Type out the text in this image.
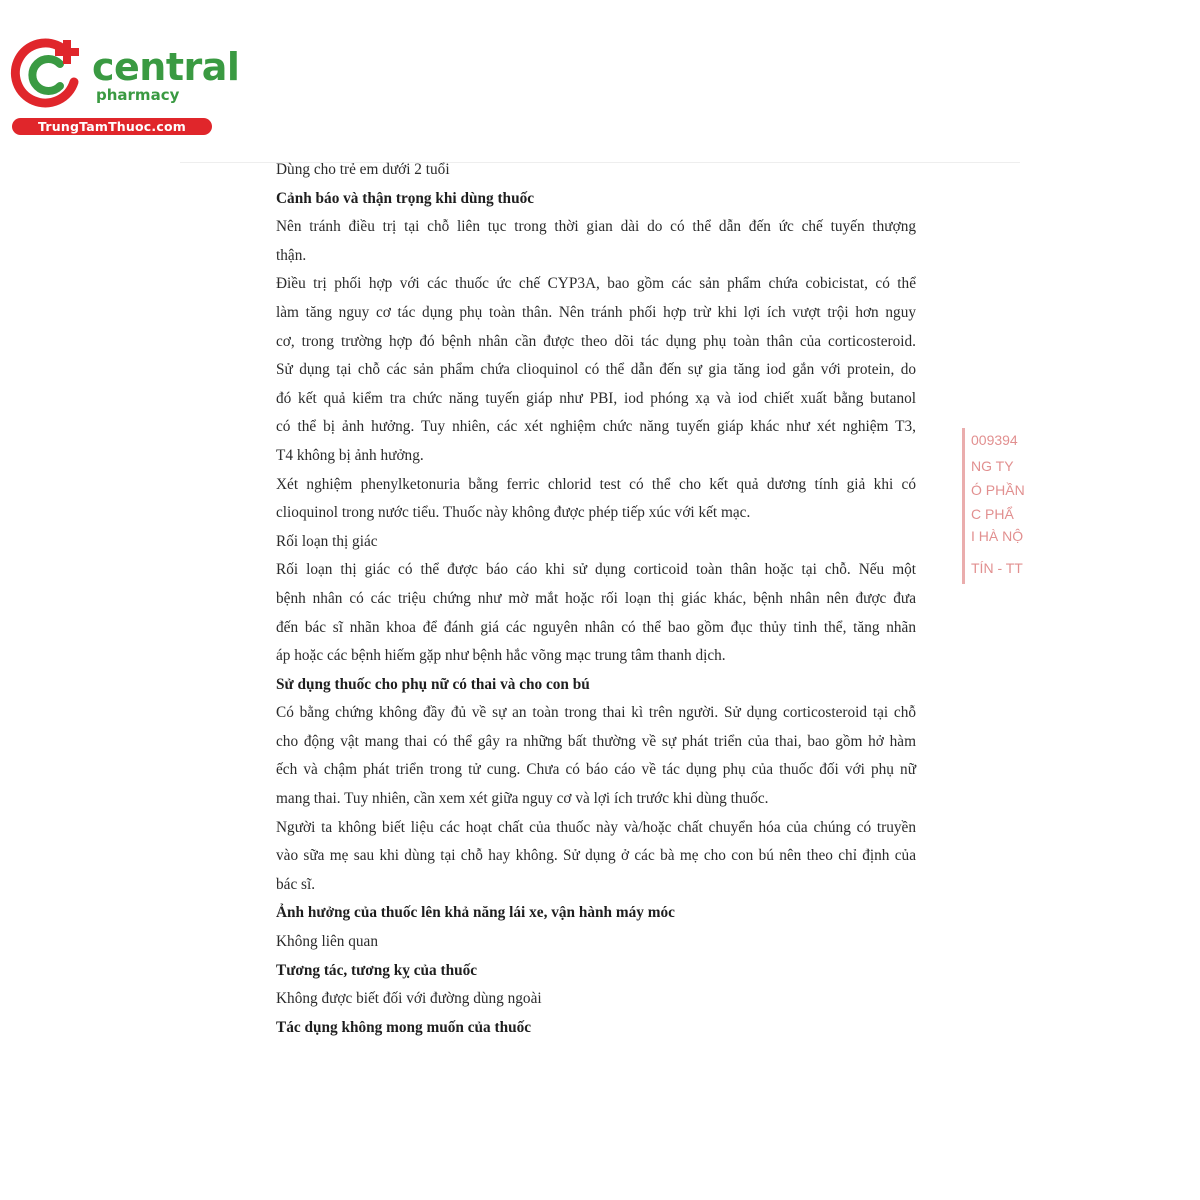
central
pharmacy
TrungTamThuoc.com
Dùng cho trẻ em dưới 2 tuổi
Cảnh báo và thận trọng khi dùng thuốc
Nên tránh điều trị tại chỗ liên tục trong thời gian dài do có thể dẫn đến ức chế tuyến thượng
thận.
Điều trị phối hợp với các thuốc ức chế CYP3A, bao gồm các sản phẩm chứa cobicistat, có thể
làm tăng nguy cơ tác dụng phụ toàn thân. Nên tránh phối hợp trừ khi lợi ích vượt trội hơn nguy
cơ, trong trường hợp đó bệnh nhân cần được theo dõi tác dụng phụ toàn thân của corticosteroid.
Sử dụng tại chỗ các sản phẩm chứa clioquinol có thể dẫn đến sự gia tăng iod gắn với protein, do
đó kết quả kiểm tra chức năng tuyến giáp như PBI, iod phóng xạ và iod chiết xuất bằng butanol
có thể bị ảnh hưởng. Tuy nhiên, các xét nghiệm chức năng tuyến giáp khác như xét nghiệm T3,
T4 không bị ảnh hưởng.
Xét nghiệm phenylketonuria bằng ferric chlorid test có thể cho kết quả dương tính giả khi có
clioquinol trong nước tiểu. Thuốc này không được phép tiếp xúc với kết mạc.
Rối loạn thị giác
Rối loạn thị giác có thể được báo cáo khi sử dụng corticoid toàn thân hoặc tại chỗ. Nếu một
bệnh nhân có các triệu chứng như mờ mắt hoặc rối loạn thị giác khác, bệnh nhân nên được đưa
đến bác sĩ nhãn khoa để đánh giá các nguyên nhân có thể bao gồm đục thủy tinh thể, tăng nhãn
áp hoặc các bệnh hiếm gặp như bệnh hắc võng mạc trung tâm thanh dịch.
Sử dụng thuốc cho phụ nữ có thai và cho con bú
Có bằng chứng không đầy đủ về sự an toàn trong thai kì trên người. Sử dụng corticosteroid tại chỗ
cho động vật mang thai có thể gây ra những bất thường về sự phát triển của thai, bao gồm hở hàm
ếch và chậm phát triển trong tử cung. Chưa có báo cáo về tác dụng phụ của thuốc đối với phụ nữ
mang thai. Tuy nhiên, cần xem xét giữa nguy cơ và lợi ích trước khi dùng thuốc.
Người ta không biết liệu các hoạt chất của thuốc này và/hoặc chất chuyển hóa của chúng có truyền
vào sữa mẹ sau khi dùng tại chỗ hay không. Sử dụng ở các bà mẹ cho con bú nên theo chỉ định của
bác sĩ.
Ảnh hưởng của thuốc lên khả năng lái xe, vận hành máy móc
Không liên quan
Tương tác, tương kỵ của thuốc
Không được biết đối với đường dùng ngoài
Tác dụng không mong muốn của thuốc
009394
NG TY
Ó PHẦN
C PHẨ
I HÀ NỘ
TÍN - TT
